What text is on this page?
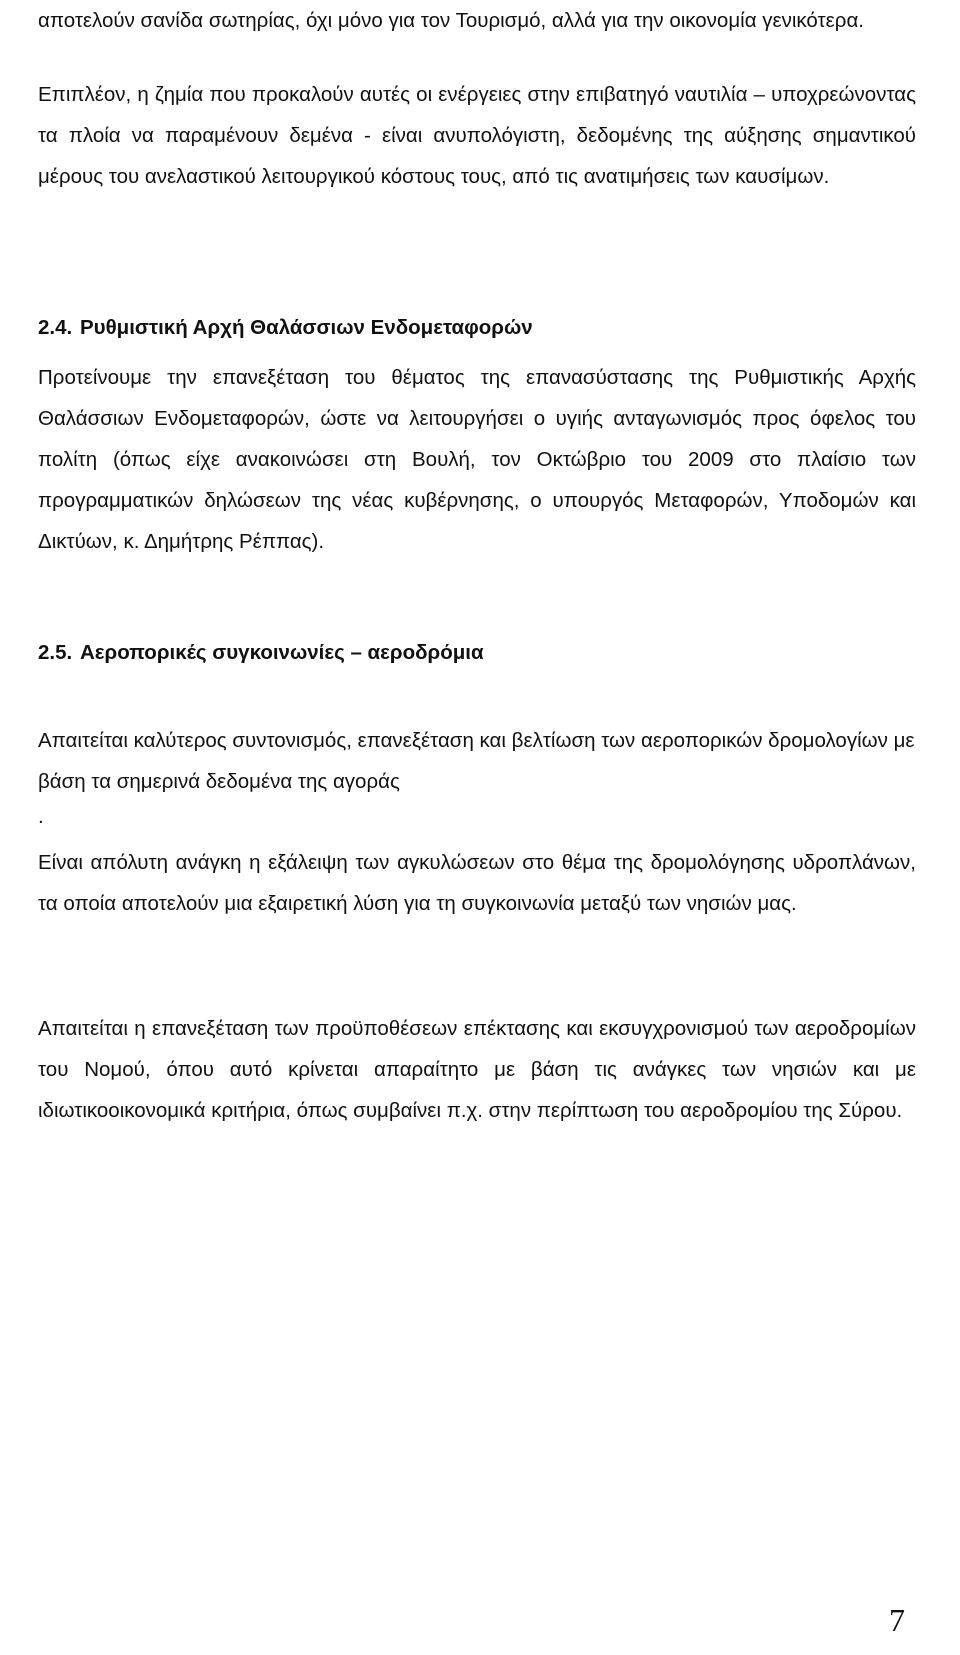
αποτελούν σανίδα σωτηρίας, όχι μόνο για τον Τουρισμό, αλλά για την οικονομία γενικότερα.

Επιπλέον, η ζημία που προκαλούν αυτές οι ενέργειες στην επιβατηγό ναυτιλία – υποχρεώνοντας τα πλοία να παραμένουν δεμένα - είναι ανυπολόγιστη, δεδομένης της αύξησης σημαντικού μέρους του ανελαστικού λειτουργικού κόστους τους, από τις ανατιμήσεις των καυσίμων.

2.4. Ρυθμιστική Αρχή Θαλάσσιων Ενδομεταφορών

Προτείνουμε την επανεξέταση του θέματος της επανασύστασης της Ρυθμιστικής Αρχής Θαλάσσιων Ενδομεταφορών, ώστε να λειτουργήσει ο υγιής ανταγωνισμός προς όφελος του πολίτη (όπως είχε ανακοινώσει στη Βουλή, τον Οκτώβριο του 2009 στο πλαίσιο των προγραμματικών δηλώσεων της νέας κυβέρνησης, ο υπουργός Μεταφορών, Υποδομών και Δικτύων, κ. Δημήτρης Ρέππας).

2.5. Αεροπορικές συγκοινωνίες – αεροδρόμια

Απαιτείται καλύτερος συντονισμός, επανεξέταση και βελτίωση των αεροπορικών δρομολογίων με βάση τα σημερινά δεδομένα της αγοράς

.

Είναι απόλυτη ανάγκη η εξάλειψη των αγκυλώσεων στο θέμα της δρομολόγησης υδροπλάνων, τα οποία αποτελούν μια εξαιρετική λύση για τη συγκοινωνία μεταξύ των νησιών μας.

Απαιτείται η επανεξέταση των προϋποθέσεων επέκτασης και εκσυγχρονισμού των αεροδρομίων του Νομού, όπου αυτό κρίνεται απαραίτητο με βάση τις ανάγκες των νησιών και με ιδιωτικοοικονομικά κριτήρια, όπως συμβαίνει π.χ. στην περίπτωση του αεροδρομίου της Σύρου.

7
